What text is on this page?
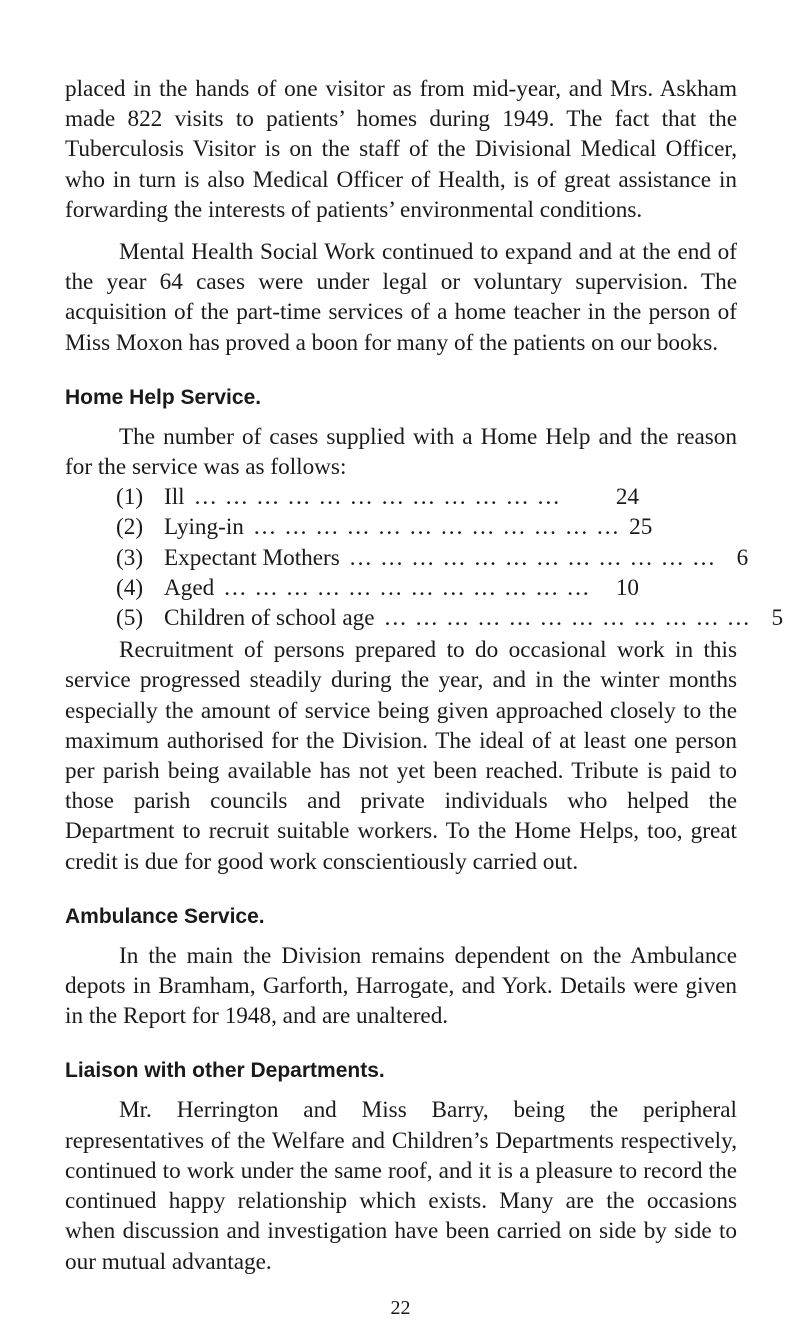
placed in the hands of one visitor as from mid-year, and Mrs. Askham made 822 visits to patients’ homes during 1949. The fact that the Tuberculosis Visitor is on the staff of the Divisional Medical Officer, who in turn is also Medical Officer of Health, is of great assistance in forwarding the interests of patients’ environmental conditions.

Mental Health Social Work continued to expand and at the end of the year 64 cases were under legal or voluntary supervision. The acquisition of the part-time services of a home teacher in the person of Miss Moxon has proved a boon for many of the patients on our books.

Home Help Service.

The number of cases supplied with a Home Help and the reason for the service was as follows:

(1) Ill ... ... ... ... ... ... ... ... ... ... ... ...	24
(2) Lying-in ... ... ... ... ... ... ... ... ... ... ... ... 25
(3) Expectant Mothers ... ... ... ... ... ... ... ... ... ... ... ... 6
(4) Aged ... ... ... ... ... ... ... ... ... ... ... ...	10
(5) Children of school age ... ... ... ... ... ... ... ... ... ... ... ... 5

Recruitment of persons prepared to do occasional work in this service progressed steadily during the year, and in the winter months especially the amount of service being given approached closely to the maximum authorised for the Division. The ideal of at least one person per parish being available has not yet been reached. Tribute is paid to those parish councils and private individuals who helped the Department to recruit suitable workers. To the Home Helps, too, great credit is due for good work conscientiously carried out.

Ambulance Service.

In the main the Division remains dependent on the Ambulance depots in Bramham, Garforth, Harrogate, and York. Details were given in the Report for 1948, and are unaltered.

Liaison with other Departments.

Mr. Herrington and Miss Barry, being the peripheral representatives of the Welfare and Children’s Departments respectively, continued to work under the same roof, and it is a pleasure to record the continued happy relationship which exists. Many are the occasions when discussion and investigation have been carried on side by side to our mutual advantage.

22
